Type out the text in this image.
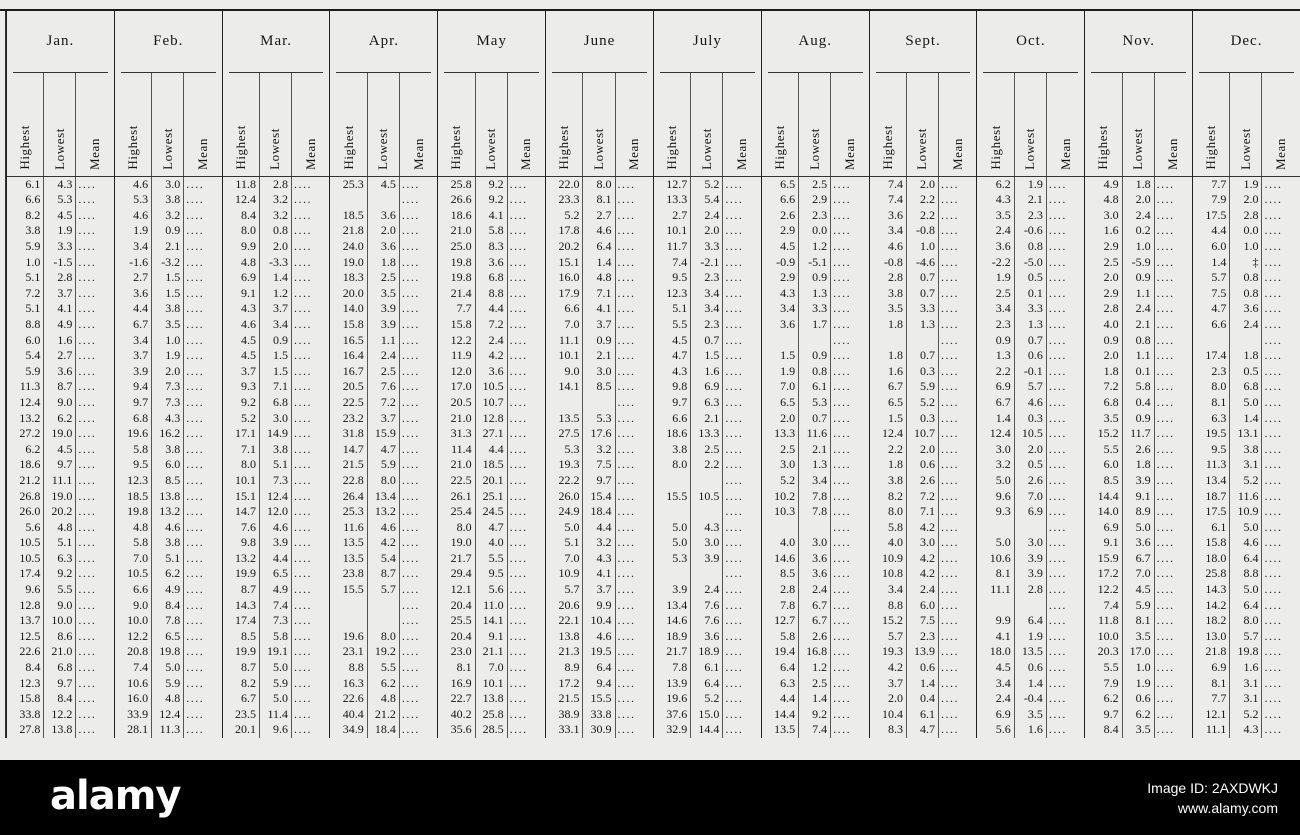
Jan.
Highest Lowest Mean
6.1	4.3 ....
6.6	5.3 ....
8.2	4.5 ....
3.8	1.9 ....
5.9	3.3 ....
1.0	-1.5 ....
5.1	2.8 ....
7.2	3.7 ....
5.1	4.1 ....
8.8	4.9 ....
6.0	1.6 ....
5.4	2.7 ....
5.9	3.6 ....
11.3	8.7 ....
12.4	9.0 ....
13.2	6.2 ....
27.2 19.0 ....
6.2	4.5 ....
18.6	9.7 ....
21.2 11.1 ....
26.8 19.0 ....
26.0 20.2 ....
5.6	4.8 ....
10.5	5.1 ....
10.5	6.3 ....
17.4	9.2 ....
9.6	5.5 ....
12.8	9.0 ....
13.7 10.0 ....
12.5	8.6 ....
22.6 21.0 ....
8.4	6.8 ....
12.3	9.7 ....
15.8	8.4 ....
33.8 12.2 ....
27.8 13.8 ....
Feb.
Highest Lowest Mean
4.6	3.0 ....
5.3	3.8 ....
4.6	3.2 ....
1.9	0.9 ....
3.4	2.1 ....
-1.6	-3.2 ....
2.7	1.5 ....
3.6	1.5 ....
4.4	3.8 ....
6.7	3.5 ....
3.4	1.0 ....
3.7	1.9 ....
3.9	2.0 ....
9.4	7.3 ....
9.7	7.3 ....
6.8	4.3 ....
19.6 16.2 ....
5.8	3.8 ....
9.5	6.0 ....
12.3	8.5 ....
18.5 13.8 ....
19.8 13.2 ....
4.8	4.6 ....
5.8	3.8 ....
7.0	5.1 ....
10.5	6.2 ....
6.6	4.9 ....
9.0	8.4 ....
10.0	7.8 ....
12.2	6.5 ....
20.8 19.8 ....
7.4	5.0 ....
10.6	5.9 ....
16.0	4.8 ....
33.9 12.4 ....
28.1 11.3 ....
Mar.
Highest Lowest Mean
11.8	2.8 ....
12.4	3.2 ....
8.4	3.2 ....
8.0	0.8 ....
9.9	2.0 ....
4.8	-3.3 ....
6.9	1.4 ....
9.1	1.2 ....
4.3	3.7 ....
4.6	3.4 ....
4.5	0.9 ....
4.5	1.5 ....
3.7	1.5 ....
9.3	7.1 ....
9.2	6.8 ....
5.2	3.0 ....
17.1 14.9 ....
7.1	3.8 ....
8.0	5.1 ....
10.1	7.3 ....
15.1 12.4 ....
14.7 12.0 ....
7.6	4.6 ....
9.8	3.9 ....
13.2	4.4 ....
19.9	6.5 ....
8.7	4.9 ....
14.3	7.4 ....
17.4	7.3 ....
8.5	5.8 ....
19.9 19.1 ....
8.7	5.0 ....
8.2	5.9 ....
6.7	5.0 ....
23.5 11.4 ....
20.1	9.6 ....
Apr.
Highest Lowest Mean
25.3	4.5 ....
....
18.5	3.6 ....
21.8	2.0 ....
24.0	3.6 ....
19.0	1.8 ....
18.3	2.5 ....
20.0	3.5 ....
14.0	3.9 ....
15.8	3.9 ....
16.5	1.1 ....
16.4	2.4 ....
16.7	2.5 ....
20.5	7.6 ....
22.5	7.2 ....
23.2	3.7 ....
31.8 15.9 ....
14.7	4.7 ....
21.5	5.9 ....
22.8	8.0 ....
26.4 13.4 ....
25.3 13.2 ....
11.6	4.6 ....
13.5	4.2 ....
13.5	5.4 ....
23.8	8.7 ....
15.5	5.7 ....
....
....
19.6	8.0 ....
23.1 19.2 ....
8.8	5.5 ....
16.3	6.2 ....
22.6	4.8 ....
40.4 21.2 ....
34.9 18.4 ....
May
Highest Lowest Mean
25.8	9.2 ....
26.6	9.2 ....
18.6	4.1 ....
21.0	5.8 ....
25.0	8.3 ....
19.8	3.6 ....
19.8	6.8 ....
21.4	8.8 ....
7.7	4.4 ....
15.8	7.2 ....
12.2	2.4 ....
11.9	4.2 ....
12.0	3.6 ....
17.0 10.5 ....
20.5 10.7 ....
21.0 12.8 ....
31.3 27.1 ....
11.4	4.4 ....
21.0 18.5 ....
22.5 20.1 ....
26.1 25.1 ....
25.4 24.5 ....
8.0	4.7 ....
19.0	4.0 ....
21.7	5.5 ....
29.4	9.5 ....
12.1	5.6 ....
20.4 11.0 ....
25.5 14.1 ....
20.4	9.1 ....
23.0 21.1 ....
8.1	7.0 ....
16.9 10.1 ....
22.7 13.8 ....
40.2 25.8 ....
35.6 28.5 ....
June
Highest Lowest Mean
22.0	8.0 ....
23.3	8.1 ....
5.2	2.7 ....
17.8	4.6 ....
20.2	6.4 ....
15.1	1.4 ....
16.0	4.8 ....
17.9	7.1 ....
6.6	4.1 ....
7.0	3.7 ....
11.1	0.9 ....
10.1	2.1 ....
9.0	3.0 ....
14.1	8.5 ....
....
13.5	5.3 ....
27.5 17.6 ....
5.3	3.2 ....
19.3	7.5 ....
22.2	9.7 ....
26.0 15.4 ....
24.9 18.4 ....
5.0	4.4 ....
5.1	3.2 ....
7.0	4.3 ....
10.9	4.1 ....
5.7	3.7 ....
20.6	9.9 ....
22.1 10.4 ....
13.8	4.6 ....
21.3 19.5 ....
8.9	6.4 ....
17.2	9.4 ....
21.5 15.5 ....
38.9 33.8 ....
33.1 30.9 ....
July
Highest Lowest Mean
12.7	5.2 ....
13.3	5.4 ....
2.7	2.4 ....
10.1	2.0 ....
11.7	3.3 ....
7.4	-2.1 ....
9.5	2.3 ....
12.3	3.4 ....
5.1	3.4 ....
5.5	2.3 ....
4.5	0.7 ....
4.7	1.5 ....
4.3	1.6 ....
9.8	6.9 ....
9.7	6.3 ....
6.6	2.1 ....
18.6 13.3 ....
3.8	2.5 ....
8.0	2.2 ....
....
15.5 10.5 ....
....
5.0	4.3 ....
5.0	3.0 ....
5.3	3.9 ....
....
3.9	2.4 ....
13.4	7.6 ....
14.6	7.6 ....
18.9	3.6 ....
21.7 18.9 ....
7.8	6.1 ....
13.9	6.4 ....
19.6	5.2 ....
37.6 15.0 ....
32.9 14.4 ....
Aug.
Highest Lowest Mean
6.5	2.5 ....
6.6	2.9 ....
2.6	2.3 ....
2.9	0.0 ....
4.5	1.2 ....
-0.9	-5.1 ....
2.9	0.9 ....
4.3	1.3 ....
3.4	3.3 ....
3.6	1.7 ....
....
1.5	0.9 ....
1.9	0.8 ....
7.0	6.1 ....
6.5	5.3 ....
2.0	0.7 ....
13.3 11.6 ....
2.5	2.1 ....
3.0	1.3 ....
5.2	3.4 ....
10.2	7.8 ....
10.3	7.8 ....
....
4.0	3.0 ....
14.6	3.6 ....
8.5	3.6 ....
2.8	2.4 ....
7.8	6.7 ....
12.7	6.7 ....
5.8	2.6 ....
19.4 16.8 ....
6.4	1.2 ....
6.3	2.5 ....
4.4	1.4 ....
14.4	9.2 ....
13.5	7.4 ....
Sept.
Highest Lowest Mean
7.4	2.0 ....
7.4	2.2 ....
3.6	2.2 ....
3.4	-0.8 ....
4.6	1.0 ....
-0.8	-4.6 ....
2.8	0.7 ....
3.8	0.7 ....
3.5	3.3 ....
1.8	1.3 ....
....
1.8	0.7 ....
1.6	0.3 ....
6.7	5.9 ....
6.5	5.2 ....
1.5	0.3 ....
12.4 10.7 ....
2.2	2.0 ....
1.8	0.6 ....
3.8	2.6 ....
8.2	7.2 ....
8.0	7.1 ....
5.8	4.2 ....
4.0	3.0 ....
10.9	4.2 ....
10.8	4.2 ....
3.4	2.4 ....
8.8	6.0 ....
15.2	7.5 ....
5.7	2.3 ....
19.3 13.9 ....
4.2	0.6 ....
3.7	1.4 ....
2.0	0.4 ....
10.4	6.1 ....
8.3	4.7 ....
Oct.
Highest Lowest Mean
6.2	1.9 ....
4.3	2.1 ....
3.5	2.3 ....
2.4	-0.6 ....
3.6	0.8 ....
-2.2	-5.0 ....
1.9	0.5 ....
2.5	0.1 ....
3.4	3.3 ....
2.3	1.3 ....
0.9	0.7 ....
1.3	0.6 ....
2.2	-0.1 ....
6.9	5.7 ....
6.7	4.6 ....
1.4	0.3 ....
12.4 10.5 ....
3.0	2.0 ....
3.2	0.5 ....
5.0	2.6 ....
9.6	7.0 ....
9.3	6.9 ....
....
5.0	3.0 ....
10.6	3.9 ....
8.1	3.9 ....
11.1	2.8 ....
....
9.9	6.4 ....
4.1	1.9 ....
18.0 13.5 ....
4.5	0.6 ....
3.4	1.4 ....
2.4	-0.4 ....
6.9	3.5 ....
5.6	1.6 ....
Nov.
Highest Lowest Mean
4.9	1.8 ....
4.8	2.0 ....
3.0	2.4 ....
1.6	0.2 ....
2.9	1.0 ....
2.5	-5.9 ....
2.0	0.9 ....
2.9	1.1 ....
2.8	2.4 ....
4.0	2.1 ....
0.9	0.8 ....
2.0	1.1 ....
1.8	0.1 ....
7.2	5.8 ....
6.8	0.4 ....
3.5	0.9 ....
15.2 11.7 ....
5.5	2.6 ....
6.0	1.8 ....
8.5	3.9 ....
14.4	9.1 ....
14.0	8.9 ....
6.9	5.0 ....
9.1	3.6 ....
15.9	6.7 ....
17.2	7.0 ....
12.2	4.5 ....
7.4	5.9 ....
11.8	8.1 ....
10.0	3.5 ....
20.3 17.0 ....
5.5	1.0 ....
7.9	1.9 ....
6.2	0.6 ....
9.7	6.2 ....
8.4	3.5 ....
Dec.
Highest Lowest Mean
7.7	1.9 ....
7.9	2.0 ....
17.5	2.8 ....
4.4	0.0 ....
6.0	1.0 ....
1.4	‡ ....
5.7	0.8 ....
7.5	0.8 ....
4.7	3.6 ....
6.6	2.4 ....
....
17.4	1.8 ....
2.3	0.5 ....
8.0	6.8 ....
8.1	5.0 ....
6.3	1.4 ....
19.5 13.1 ....
9.5	3.8 ....
11.3	3.1 ....
13.4	5.2 ....
18.7 11.6 ....
17.5 10.9 ....
6.1	5.0 ....
15.8	4.6 ....
18.0	6.4 ....
25.8	8.8 ....
14.3	5.0 ....
14.2	6.4 ....
18.2	8.0 ....
13.0	5.7 ....
21.8 19.8 ....
6.9	1.6 ....
8.1	3.1 ....
7.7	3.1 ....
12.1	5.2 ....
11.1	4.3 ....
alamy	Image ID: 2AXDWKJ
www.alamy.com
